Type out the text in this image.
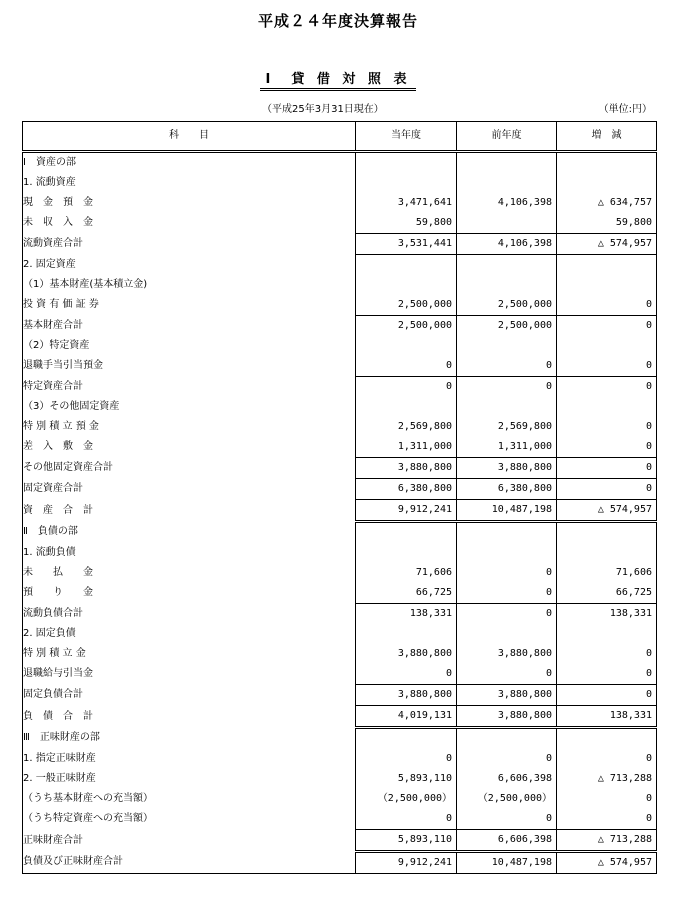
平成２４年度決算報告
Ⅰ　貸 借 対 照 表
（平成25年3月31日現在）	（単位:円）
科　　目	当年度	前年度	増　減
Ⅰ　資産の部			
1. 流動資産			
現　金　預　金	3,471,641	4,106,398	△ 634,757
未　収　入　金	59,800		59,800
流動資産合計	3,531,441	4,106,398	△ 574,957
2. 固定資産			
（1）基本財産(基本積立金)			
投 資 有 価 証 券	2,500,000	2,500,000	0
基本財産合計	2,500,000	2,500,000	0
（2）特定資産			
退職手当引当預金	0	0	0
特定資産合計	0	0	0
（3）その他固定資産			
特 別 積 立 預 金	2,569,800	2,569,800	0
差　入　敷　金	1,311,000	1,311,000	0
その他固定資産合計	3,880,800	3,880,800	0
固定資産合計	6,380,800	6,380,800	0
資　産　合　計	9,912,241	10,487,198	△ 574,957
Ⅱ　負債の部			
1. 流動負債			
未　　払　　金	71,606	0	71,606
預　　り　　金	66,725	0	66,725
流動負債合計	138,331	0	138,331
2. 固定負債			
特 別 積 立 金	3,880,800	3,880,800	0
退職給与引当金	0	0	0
固定負債合計	3,880,800	3,880,800	0
負　債　合　計	4,019,131	3,880,800	138,331
Ⅲ　正味財産の部			
1. 指定正味財産	0	0	0
2. 一般正味財産	5,893,110	6,606,398	△ 713,288
（うち基本財産への充当額）	（2,500,000）	（2,500,000）	0
（うち特定資産への充当額）	0	0	0
正味財産合計	5,893,110	6,606,398	△ 713,288
負債及び正味財産合計	9,912,241	10,487,198	△ 574,957
